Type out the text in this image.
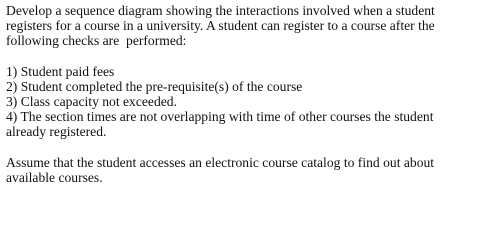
Develop a sequence diagram showing the interactions involved when a student
registers for a course in a university. A student can register to a course after the
following checks are  performed:
1) Student paid fees
2) Student completed the pre-requisite(s) of the course
3) Class capacity not exceeded.
4) The section times are not overlapping with time of other courses the student
already registered.
Assume that the student accesses an electronic course catalog to find out about
available courses.
